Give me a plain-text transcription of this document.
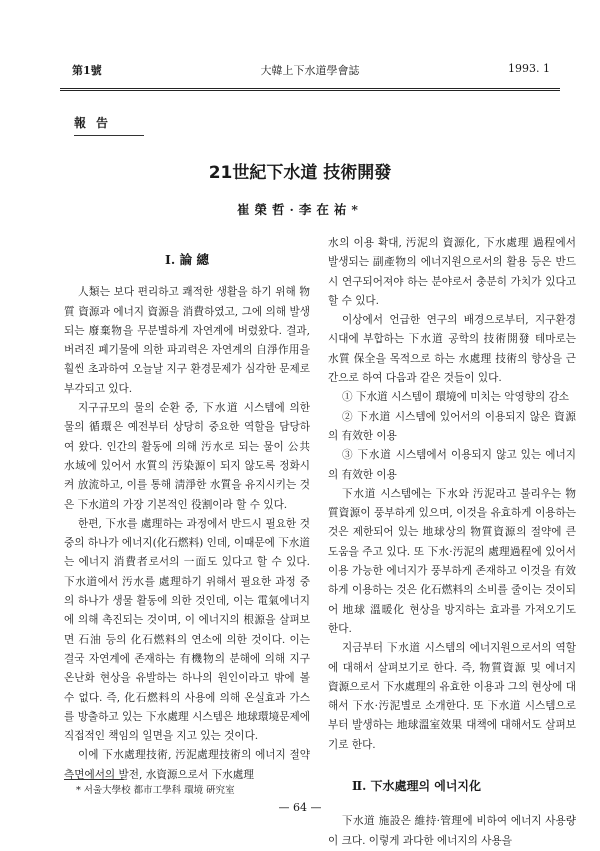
第1號	大韓上下水道學會誌	1993. 1
報告
21世紀下水道 技術開發
崔榮哲·李在祐*
Ⅰ. 論 總

人類는 보다 편리하고 쾌적한 생활을 하기 위해 物質 資源과 에너지 資源을 消費하였고, 그에 의해 발생되는 廢棄物을 무분별하게 자연계에 버렸왔다. 결과, 버려진 폐기물에 의한 파괴력은 자연계의 自淨作用을 훨씬 초과하여 오늘날 지구 환경문제가 심각한 문제로 부각되고 있다.

지구규모의 물의 순환 중, 下水道 시스템에 의한 물의 循環은 예전부터 상당히 중요한 역할을 담당하여 왔다. 인간의 활동에 의해 汚水로 되는 물이 公共水域에 있어서 水質의 汚染源이 되지 않도록 정화시켜 放流하고, 이를 통해 淸淨한 水質을 유지시키는 것은 下水道의 가장 기본적인 役割이라 할 수 있다.

한편, 下水를 處理하는 과정에서 반드시 필요한 것 중의 하나가 에너지(化石燃料) 인데, 이때문에 下水道는 에너지 消費者로서의 一面도 있다고 할 수 있다. 下水道에서 汚水를 處理하기 위해서 필요한 과정 중의 하나가 생물 활동에 의한 것인데, 이는 電氣에너지에 의해 촉진되는 것이며, 이 에너지의 根源을 살펴보면 石油 등의 化石燃料의 연소에 의한 것이다. 이는 결국 자연계에 존재하는 有機物의 분해에 의해 지구 온난화 현상을 유발하는 하나의 원인이라고 밖에 볼 수 없다. 즉, 化石燃料의 사용에 의해 온실효과 가스를 방출하고 있는 下水處理 시스템은 地球環境문제에 직접적인 책임의 일면을 지고 있는 것이다.

이에 下水處理技術, 汚泥處理技術의 에너지 절약 측면에서의 발전, 水資源으로서 下水處理

水의 이용 확대, 汚泥의 資源化, 下水處理 過程에서 발생되는 副產物의 에너지원으로서의 활용 등은 반드시 연구되어져야 하는 분야로서 충분히 가치가 있다고 할 수 있다.

이상에서 언급한 연구의 배경으로부터, 지구환경 시대에 부합하는 下水道 공학의 技術開發 테마로는 水質 保全을 목적으로 하는 水處理 技術의 향상을 근간으로 하여 다음과 같은 것들이 있다.

① 下水道 시스템이 環境에 미치는 악영향의 감소

② 下水道 시스템에 있어서의 이용되지 않은 資源의 有效한 이용

③ 下水道 시스템에서 이용되지 않고 있는 에너지의 有效한 이용

下水道 시스템에는 下水와 汚泥라고 불리우는 物質資源이 풍부하게 있으며, 이것을 유효하게 이용하는 것은 제한되어 있는 地球상의 物質資源의 절약에 큰 도움을 주고 있다. 또 下水·汚泥의 處理過程에 있어서 이용 가능한 에너지가 풍부하게 존재하고 이것을 有效하게 이용하는 것은 化石燃料의 소비를 줄이는 것이되어 地球 溫暖化 현상을 방지하는 효과를 가져오기도 한다.

지금부터 下水道 시스템의 에너지원으로서의 역할에 대해서 살펴보기로 한다. 즉, 物質資源 및 에너지 資源으로서 下水處理의 유효한 이용과 그의 현상에 대해서 下水·汚泥별로 소개한다. 또 下水道 시스템으로부터 발생하는 地球溫室效果 대책에 대해서도 살펴보기로 한다.

Ⅱ. 下水處理의 에너지化

下水道 施設은 維持·管理에 비하여 에너지 사용량이 크다. 이렇게 과다한 에너지의 사용을

* 서울大學校 都市工學科 環境 硏究室
— 64 —
